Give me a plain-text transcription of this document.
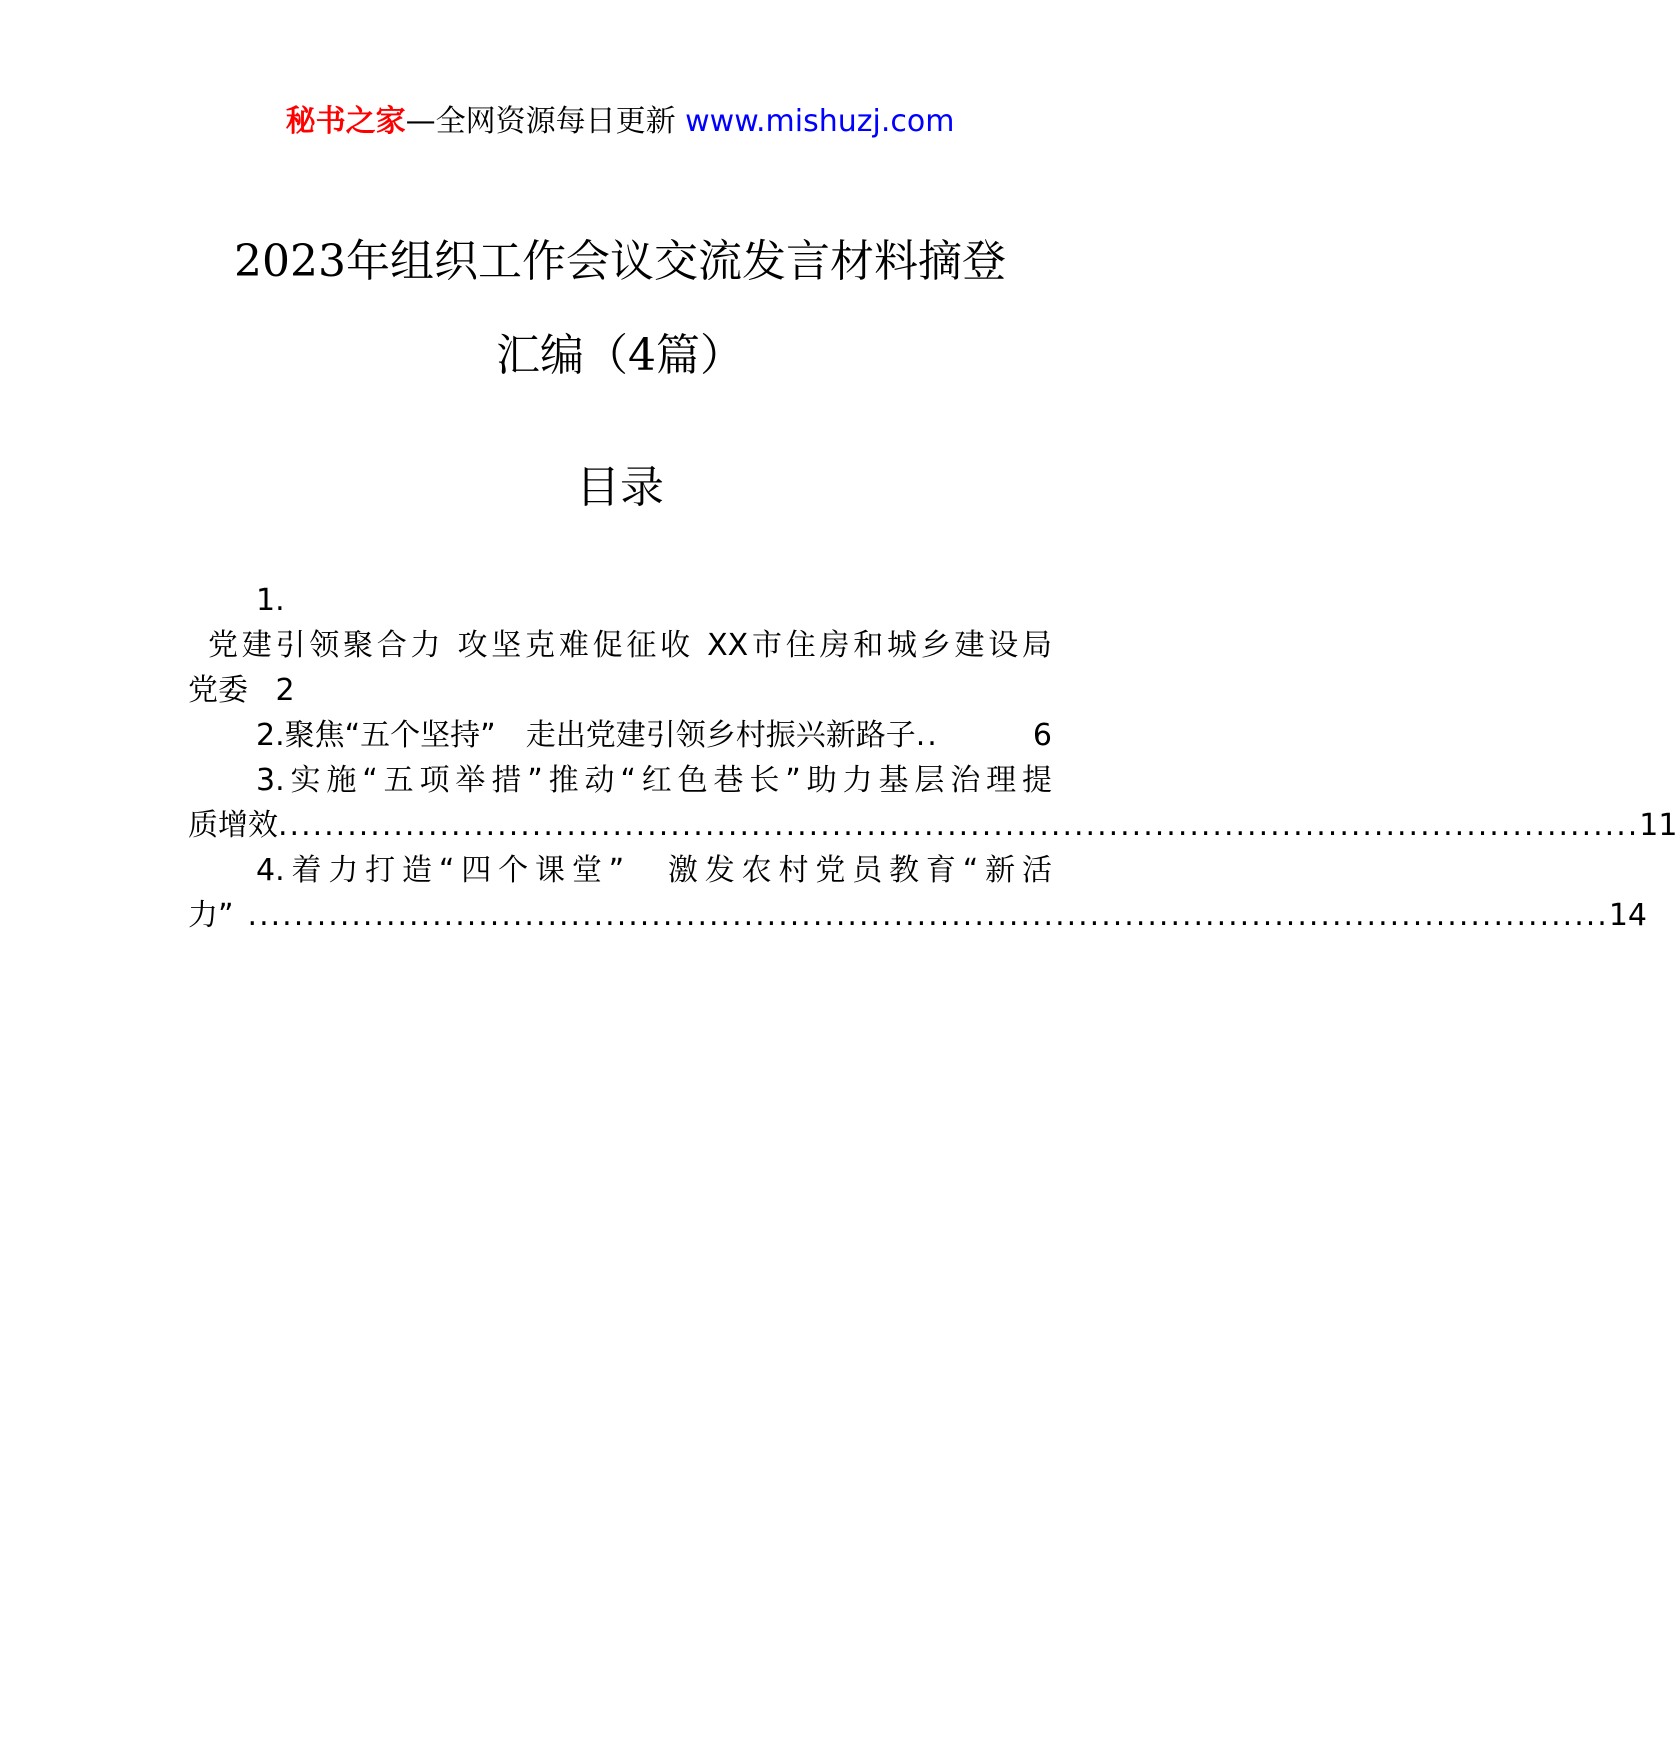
秘书之家—全网资源每日更新 www.mishuzj.com
2023年组织工作会议交流发言材料摘登
汇编（4篇）
目录
1.
党建引领聚合力 攻坚克难促征收 XX市住房和城乡建设局
党委 2
2.聚焦“五个坚持”　走出党建引领乡村振兴新路子 ..	6
3.实施“五项举措”推动“红色巷长”助力基层治理提
质增效 ...................................................................................................................... 11
4.着力打造“四个课堂”　激发农村党员教育“新活
力” ...................................................................................................................... 14
